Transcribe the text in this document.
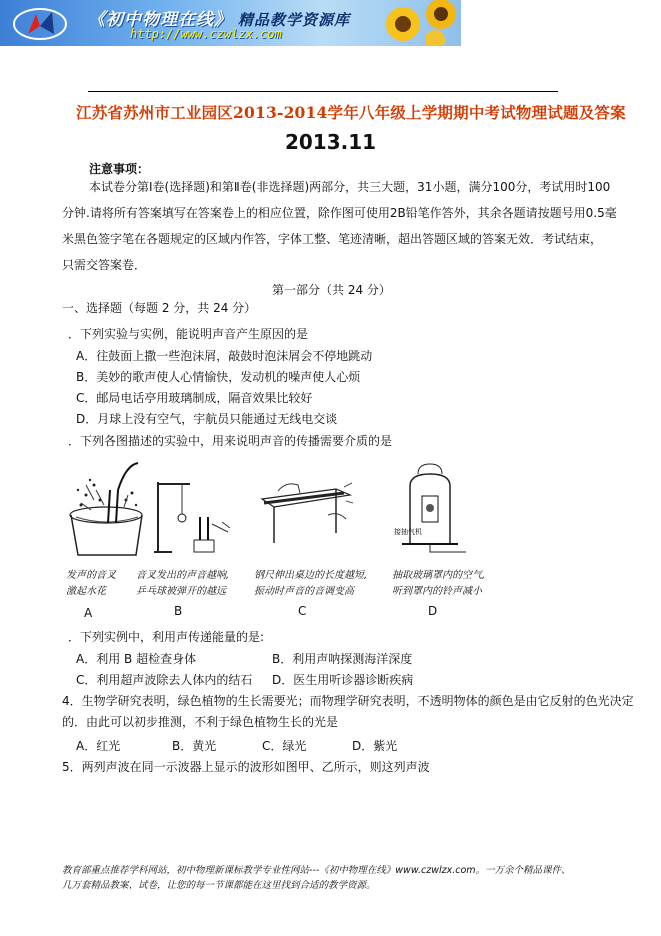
《初中物理在线》 精品教学资源库
http://www.czwlzx.com
江苏省苏州市工业园区2013-2014学年八年级上学期期中考试物理试题及答案
2013.11
注意事项：
本试卷分第Ⅰ卷(选择题)和第Ⅱ卷(非选择题)两部分，共三大题，31小题，满分100分，考试用时100
分钟.请将所有答案填写在答案卷上的相应位置，除作图可使用2B铅笔作答外，其余各题请按题号用0.5毫
米黑色签字笔在各题规定的区域内作答，字体工整、笔迹清晰，超出答题区域的答案无效．考试结束，
只需交答案卷．
第一部分（共 24 分）
一、选择题（每题 2 分，共 24 分）
．下列实验与实例，能说明声音产生原因的是
A．往鼓面上撒一些泡沫屑，敲鼓时泡沫屑会不停地跳动
B．美妙的歌声使人心情愉快，发动机的噪声使人心烦
C．邮局电话亭用玻璃制成，隔音效果比较好
D．月球上没有空气，宇航员只能通过无线电交谈
．下列各图描述的实验中，用来说明声音的传播需要介质的是
接抽气机
发声的音叉
激起水花
A
音叉发出的声音越响,
乒乓球被弹开的越远
B
钢尺伸出桌边的长度越短,
振动时声音的音调变高
C
抽取玻璃罩内的空气,
听到罩内的铃声减小
D
．下列实例中，利用声传递能量的是:
A．利用 B 超检查身体	B．利用声呐探测海洋深度
C．利用超声波除去人体内的结石 D．医生用听诊器诊断疾病
4．生物学研究表明，绿色植物的生长需要光；而物理学研究表明，不透明物体的颜色是由它反射的色光决定
的．由此可以初步推测，不利于绿色植物生长的光是
A．红光	B．黄光	C．绿光	D．紫光
5．两列声波在同一示波器上显示的波形如图甲、乙所示，则这列声波
教育部重点推荐学科网站，初中物理新课标教学专业性网站---《初中物理在线》www.czwlzx.com。一万余个精品课件、
几万套精品教案、试卷，让您的每一节课都能在这里找到合适的教学资源。
